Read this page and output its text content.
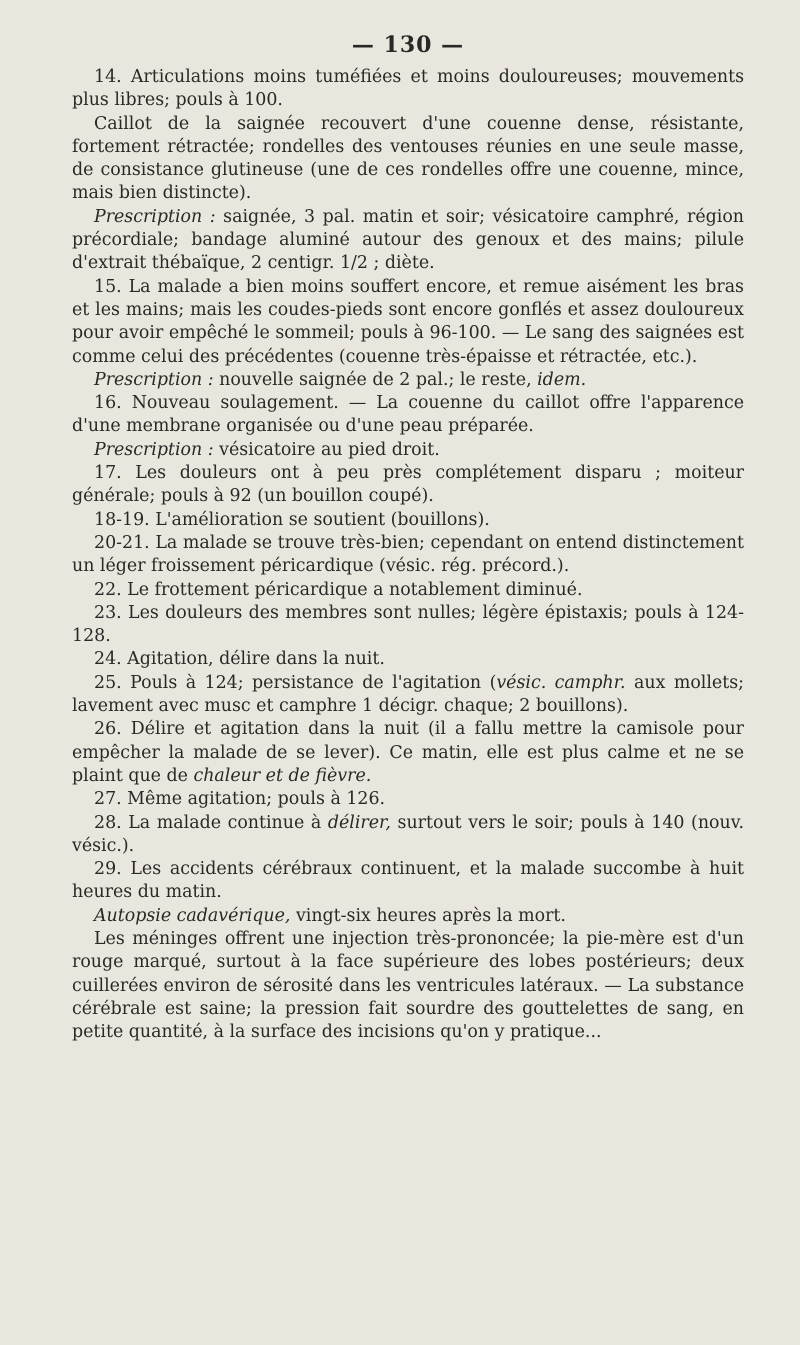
— 130 —

14. Articulations moins tuméfiées et moins douloureuses; mouvements plus libres; pouls à 100.

Caillot de la saignée recouvert d'une couenne dense, résistante, fortement rétractée; rondelles des ventouses réunies en une seule masse, de consistance glutineuse (une de ces rondelles offre une couenne, mince, mais bien distincte).

Prescription : saignée, 3 pal. matin et soir; vésicatoire camphré, région précordiale; bandage aluminé autour des genoux et des mains; pilule d'extrait thébaïque, 2 centigr. 1/2 ; diète.

15. La malade a bien moins souffert encore, et remue aisément les bras et les mains; mais les coudes-pieds sont encore gonflés et assez douloureux pour avoir empêché le sommeil; pouls à 96-100. — Le sang des saignées est comme celui des précédentes (couenne très-épaisse et rétractée, etc.).

Prescription : nouvelle saignée de 2 pal.; le reste, idem.

16. Nouveau soulagement. — La couenne du caillot offre l'apparence d'une membrane organisée ou d'une peau préparée.

Prescription : vésicatoire au pied droit.

17. Les douleurs ont à peu près complétement disparu ; moiteur générale; pouls à 92 (un bouillon coupé).

18-19. L'amélioration se soutient (bouillons).

20-21. La malade se trouve très-bien; cependant on entend distinctement un léger froissement péricardique (vésic. rég. précord.).

22. Le frottement péricardique a notablement diminué.

23. Les douleurs des membres sont nulles; légère épistaxis; pouls à 124-128.

24. Agitation, délire dans la nuit.

25. Pouls à 124; persistance de l'agitation (vésic. camphr. aux mollets; lavement avec musc et camphre 1 décigr. chaque; 2 bouillons).

26. Délire et agitation dans la nuit (il a fallu mettre la camisole pour empêcher la malade de se lever). Ce matin, elle est plus calme et ne se plaint que de chaleur et de fièvre.

27. Même agitation; pouls à 126.

28. La malade continue à délirer, surtout vers le soir; pouls à 140 (nouv. vésic.).

29. Les accidents cérébraux continuent, et la malade succombe à huit heures du matin.

Autopsie cadavérique, vingt-six heures après la mort.

Les méninges offrent une injection très-prononcée; la pie-mère est d'un rouge marqué, surtout à la face supérieure des lobes postérieurs; deux cuillerées environ de sérosité dans les ventricules latéraux. — La substance cérébrale est saine; la pression fait sourdre des gouttelettes de sang, en petite quantité, à la surface des incisions qu'on y pratique...
